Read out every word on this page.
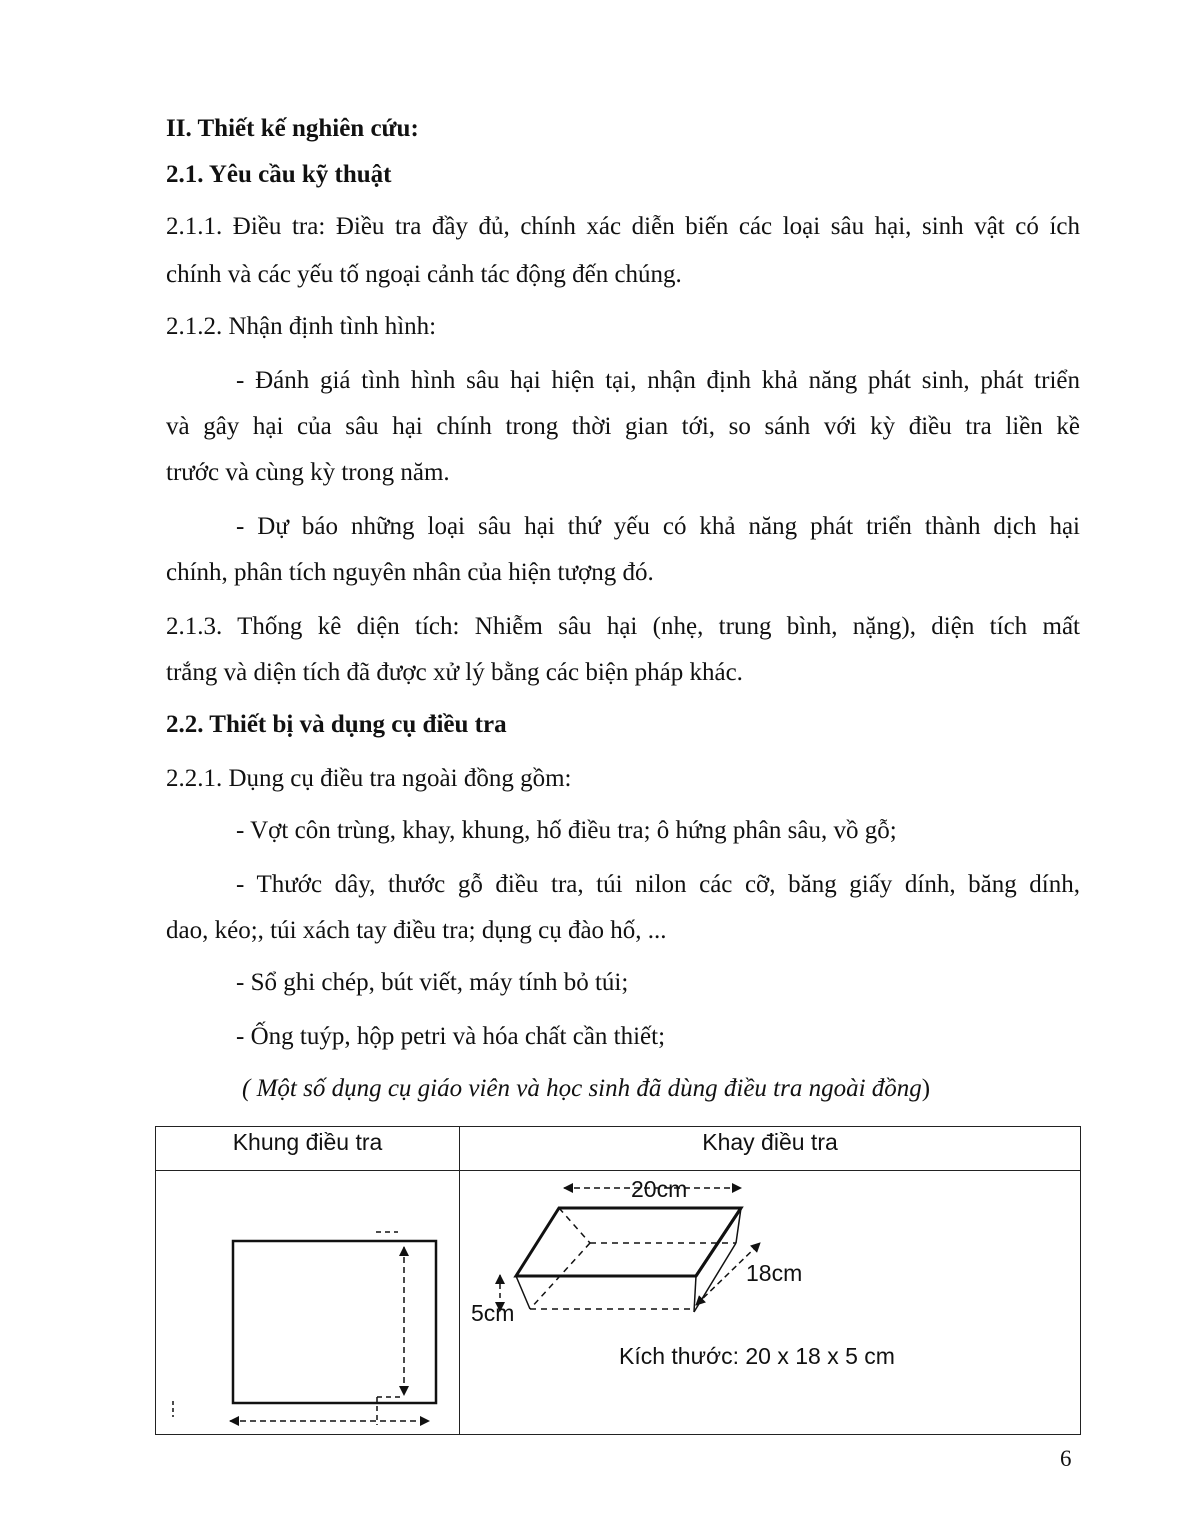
II. Thiết kế nghiên cứu:
2.1. Yêu cầu kỹ thuật
2.1.1. Điều tra: Điều tra đầy đủ, chính xác diễn biến các loại sâu hại, sinh vật có ích
chính và các yếu tố ngoại cảnh tác động đến chúng.
2.1.2. Nhận định tình hình:
- Đánh giá tình hình sâu hại hiện tại, nhận định khả năng phát sinh, phát triển
và gây hại của sâu hại chính trong thời gian tới, so sánh với kỳ điều tra liền kề
trước và cùng kỳ trong năm.
- Dự báo những loại sâu hại thứ yếu có khả năng phát triển thành dịch hại
chính, phân tích nguyên nhân của hiện tượng đó.
2.1.3. Thống kê diện tích: Nhiễm sâu hại (nhẹ, trung bình, nặng), diện tích mất
trắng và diện tích đã được xử lý bằng các biện pháp khác.
2.2. Thiết bị và dụng cụ điều tra
2.2.1. Dụng cụ điều tra ngoài đồng gồm:
- Vợt côn trùng, khay, khung, hố điều tra; ô hứng phân sâu, vồ gỗ;
- Thước dây, thước gỗ điều tra, túi nilon các cỡ, băng giấy dính, băng dính,
dao, kéo;, túi xách tay điều tra; dụng cụ đào hố, ...
- Sổ ghi chép, bút viết, máy tính bỏ túi;
- Ống tuýp, hộp petri và hóa chất cần thiết;
( Một số dụng cụ giáo viên và học sinh đã dùng điều tra ngoài đồng)
Khung điều tra	Khay điều tra

20cm
18cm
5cm
Kích thước: 20 x 18 x 5 cm
6
